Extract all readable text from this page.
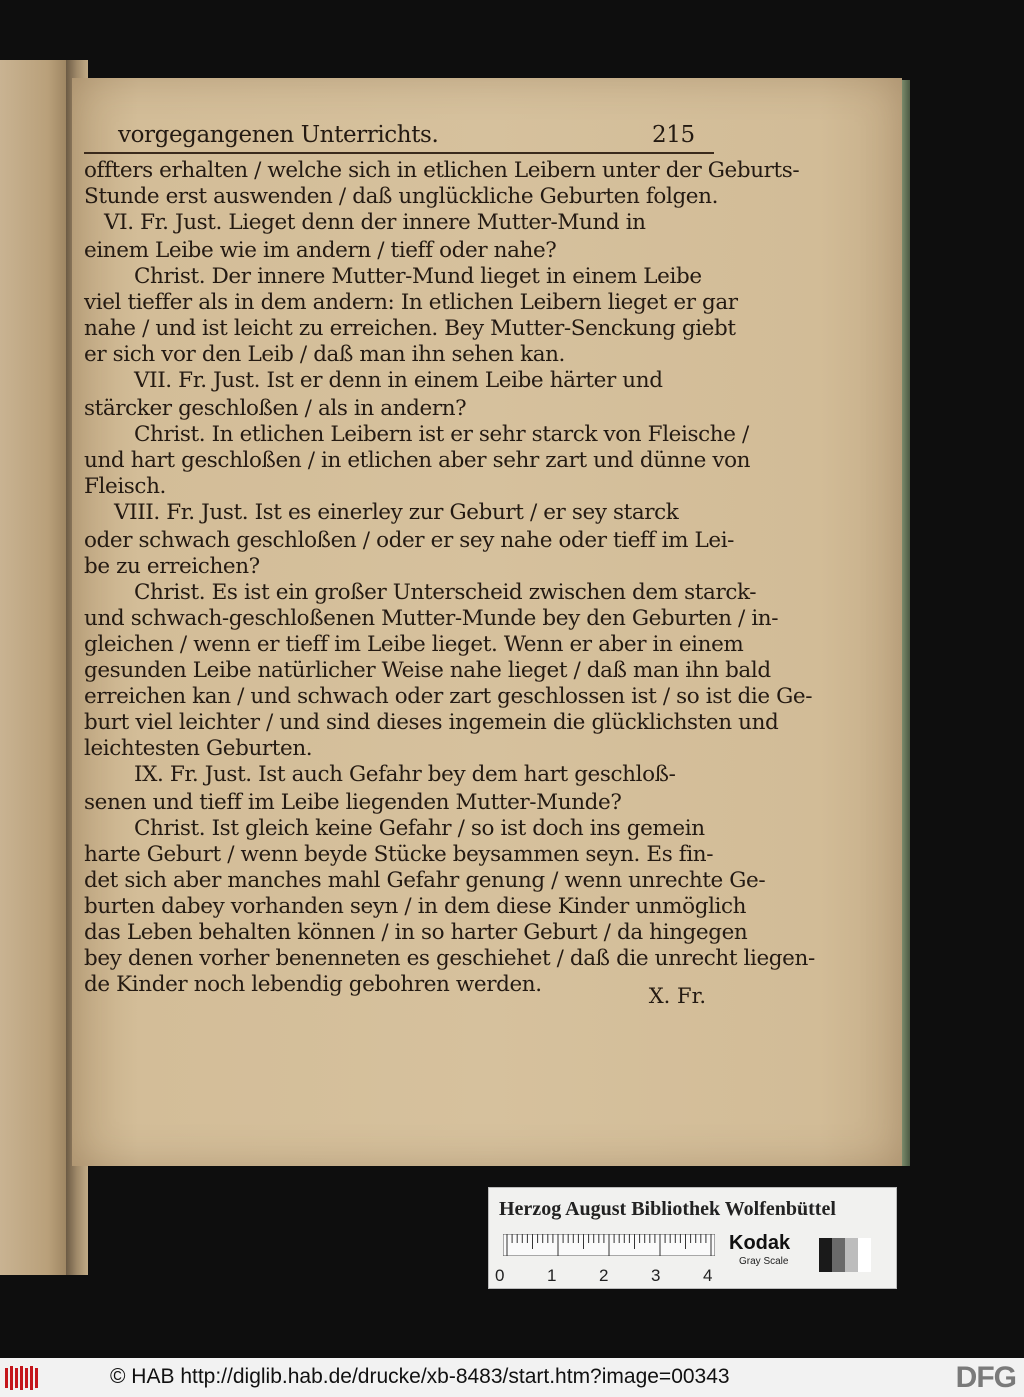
vorgegangenen Unterrichts.	215
offters erhalten / welche sich in etlichen Leibern unter der Geburts-
Stunde erst auswenden / daß unglückliche Geburten folgen.
VI. Fr. Just. Lieget denn der innere Mutter-Mund in
einem Leibe wie im andern / tieff oder nahe?
Christ. Der innere Mutter-Mund lieget in einem Leibe
viel tieffer als in dem andern: In etlichen Leibern lieget er gar
nahe / und ist leicht zu erreichen. Bey Mutter-Senckung giebt
er sich vor den Leib / daß man ihn sehen kan.
VII. Fr. Just. Ist er denn in einem Leibe härter und
stärcker geschloßen / als in andern?
Christ. In etlichen Leibern ist er sehr starck von Fleische /
und hart geschloßen / in etlichen aber sehr zart und dünne von
Fleisch.
VIII. Fr. Just. Ist es einerley zur Geburt / er sey starck
oder schwach geschloßen / oder er sey nahe oder tieff im Lei-
be zu erreichen?
Christ. Es ist ein großer Unterscheid zwischen dem starck-
und schwach-geschloßenen Mutter-Munde bey den Geburten / in-
gleichen / wenn er tieff im Leibe lieget. Wenn er aber in einem
gesunden Leibe natürlicher Weise nahe lieget / daß man ihn bald
erreichen kan / und schwach oder zart geschlossen ist / so ist die Ge-
burt viel leichter / und sind dieses ingemein die glücklichsten und
leichtesten Geburten.
IX. Fr. Just. Ist auch Gefahr bey dem hart geschloß-
senen und tieff im Leibe liegenden Mutter-Munde?
Christ. Ist gleich keine Gefahr / so ist doch ins gemein
harte Geburt / wenn beyde Stücke beysammen seyn. Es fin-
det sich aber manches mahl Gefahr genung / wenn unrechte Ge-
burten dabey vorhanden seyn / in dem diese Kinder unmöglich
das Leben behalten können / in so harter Geburt / da hingegen
bey denen vorher benenneten es geschiehet / daß die unrecht liegen-
de Kinder noch lebendig gebohren werden.	X. Fr.
Herzog August Bibliothek Wolfenbüttel
0	1	2	3	4
Kodak
Gray Scale
© HAB http://diglib.hab.de/drucke/xb-8483/start.htm?image=00343	DFG
